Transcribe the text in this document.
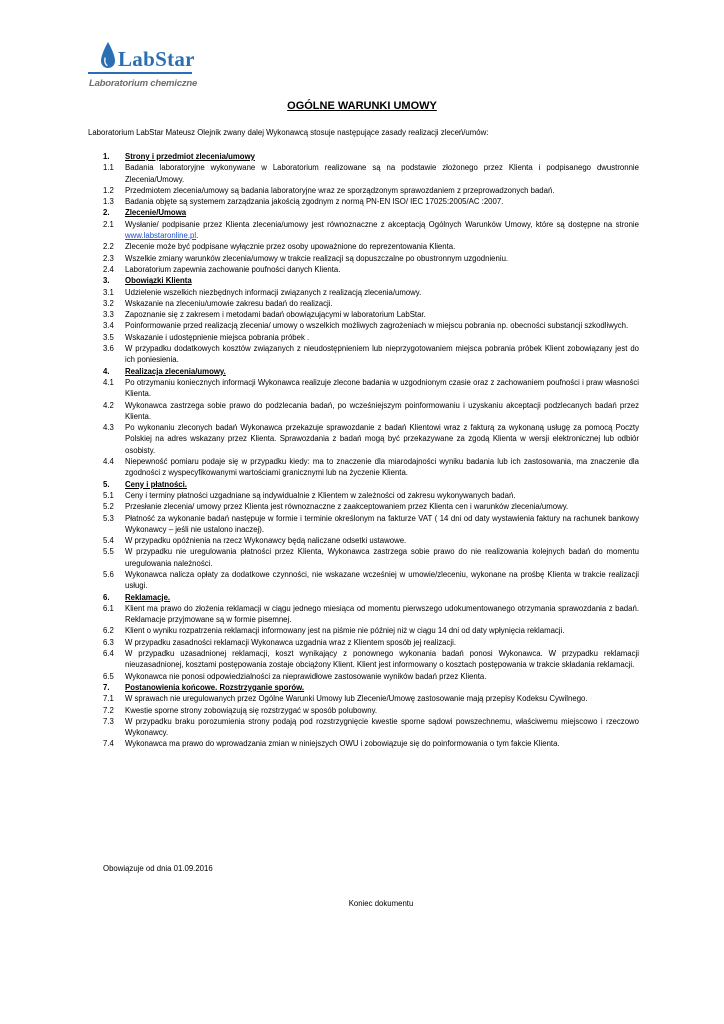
LabStar
Laboratorium chemiczne
OGÓLNE WARUNKI UMOWY
Laboratorium LabStar Mateusz Olejnik zwany dalej Wykonawcą stosuje następujące zasady realizacji zleceń/umów:
1.	Strony i przedmiot zlecenia/umowy
1.1	Badania laboratoryjne wykonywane w Laboratorium realizowane są na podstawie złożonego przez Klienta i podpisanego dwustronnie Zlecenia/Umowy.
1.2	Przedmiotem zlecenia/umowy są badania laboratoryjne wraz ze sporządzonym sprawozdaniem z przeprowadzonych badań.
1.3	Badania objęte są systemem zarządzania jakością zgodnym z normą PN-EN ISO/ IEC 17025:2005/AC :2007.
2.	Zlecenie/Umowa
2.1	Wysłanie/ podpisanie przez Klienta zlecenia/umowy jest równoznaczne z akceptacją Ogólnych Warunków Umowy, które są dostępne na stronie www.labstaronline.pl.
2.2	Zlecenie może być podpisane wyłącznie przez osoby upoważnione do reprezentowania Klienta.
2.3	Wszelkie zmiany warunków zlecenia/umowy w trakcie realizacji są dopuszczalne po obustronnym uzgodnieniu.
2.4	Laboratorium zapewnia zachowanie poufności danych Klienta.
3.	Obowiązki Klienta
3.1	Udzielenie wszelkich niezbędnych informacji związanych z realizacją zlecenia/umowy.
3.2	Wskazanie na zleceniu/umowie zakresu badań do realizacji.
3.3	Zapoznanie się z zakresem i metodami badań obowiązującymi w laboratorium LabStar.
3.4	Poinformowanie przed realizacją zlecenia/ umowy o wszelkich możliwych zagrożeniach w miejscu pobrania np. obecności substancji szkodliwych.
3.5	Wskazanie i udostępnienie miejsca pobrania próbek .
3.6	W przypadku dodatkowych kosztów związanych z nieudostępnieniem lub nieprzygotowaniem miejsca pobrania próbek Klient zobowiązany jest do ich poniesienia.
4.	Realizacja zlecenia/umowy.
4.1	Po otrzymaniu koniecznych informacji Wykonawca realizuje zlecone badania w uzgodnionym czasie oraz z zachowaniem poufności i praw własności Klienta.
4.2	Wykonawca zastrzega sobie prawo do podzlecania badań, po wcześniejszym poinformowaniu i uzyskaniu akceptacji podzlecanych badań przez Klienta.
4.3	Po wykonaniu zleconych badań Wykonawca przekazuje sprawozdanie z badań Klientowi wraz z fakturą za wykonaną usługę za pomocą Poczty Polskiej na adres wskazany przez Klienta. Sprawozdania z badań mogą być przekazywane za zgodą Klienta w wersji elektronicznej lub odbiór osobisty.
4.4	Niepewność pomiaru podaje się w przypadku kiedy: ma to znaczenie dla miarodajności wyniku badania lub ich zastosowania, ma znaczenie dla zgodności z wyspecyfikowanymi wartościami granicznymi lub na życzenie Klienta.
5.	Ceny i płatności.
5.1	Ceny i terminy płatności uzgadniane są indywidualnie z Klientem w zależności od zakresu wykonywanych badań.
5.2	Przesłanie zlecenia/ umowy przez Klienta jest równoznaczne z zaakceptowaniem przez Klienta cen i warunków zlecenia/umowy.
5.3	Płatność za wykonanie badań następuje w formie i terminie określonym na fakturze VAT ( 14 dni od daty wystawienia faktury na rachunek bankowy Wykonawcy – jeśli nie ustalono inaczej).
5.4	W przypadku opóźnienia na rzecz Wykonawcy będą naliczane odsetki ustawowe.
5.5	W przypadku nie uregulowania płatności przez Klienta, Wykonawca zastrzega sobie prawo do nie realizowania kolejnych badań do momentu uregulowania należności.
5.6	Wykonawca nalicza opłaty za dodatkowe czynności, nie wskazane wcześniej w umowie/zleceniu, wykonane na prośbę Klienta w trakcie realizacji usługi.
6.	Reklamacje.
6.1	Klient ma prawo do złożenia reklamacji w ciągu jednego miesiąca od momentu pierwszego udokumentowanego otrzymania sprawozdania z badań. Reklamacje przyjmowane są w formie pisemnej.
6.2	Klient o wyniku rozpatrzenia reklamacji informowany jest na piśmie nie później niż w ciągu 14 dni od daty wpłynięcia reklamacji.
6.3	W przypadku zasadności reklamacji Wykonawca uzgadnia wraz z Klientem sposób jej realizacji.
6.4	W przypadku uzasadnionej reklamacji, koszt wynikający z ponownego wykonania badań ponosi Wykonawca. W przypadku reklamacji nieuzasadnionej, kosztami postępowania zostaje obciążony Klient. Klient jest informowany o kosztach postępowania w trakcie składania reklamacji.
6.5	Wykonawca nie ponosi odpowiedzialności za nieprawidłowe zastosowanie wyników badań przez Klienta.
7.	Postanowienia końcowe. Rozstrzyganie sporów.
7.1	W sprawach nie uregulowanych przez Ogólne Warunki Umowy lub Zlecenie/Umowę zastosowanie mają przepisy Kodeksu Cywilnego.
7.2	Kwestie sporne strony zobowiązują się rozstrzygać w sposób polubowny.
7.3	W przypadku braku porozumienia strony podają pod rozstrzygnięcie kwestie sporne sądowi powszechnemu, właściwemu miejscowo i rzeczowo Wykonawcy.
7.4	Wykonawca ma prawo do wprowadzania zmian w niniejszych OWU i zobowiązuje się do poinformowania o tym fakcie Klienta.
Obowiązuje od dnia 01.09.2016
Koniec dokumentu
